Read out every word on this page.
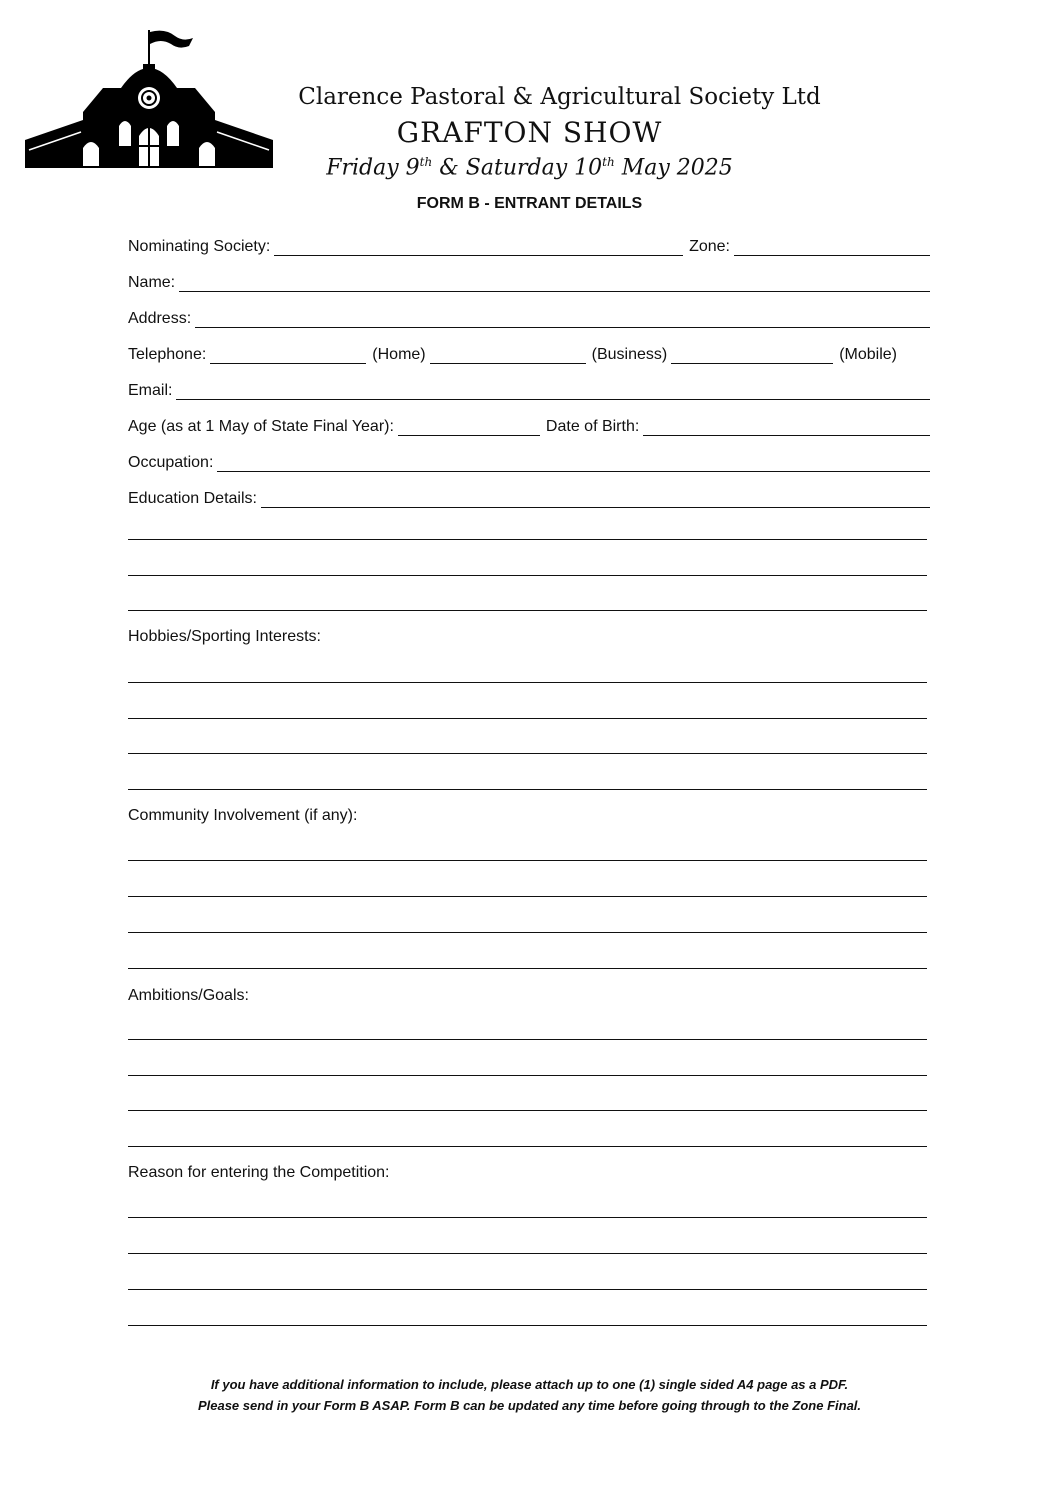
Clarence Pastoral & Agricultural Society Ltd
GRAFTON SHOW
Friday 9th & Saturday 10th May 2025
FORM B - ENTRANT DETAILS
Nominating Society:	Zone:
Name:
Address:
Telephone:	(Home)	(Business)	(Mobile)
Email:
Age (as at 1 May of State Final Year):	Date of Birth:
Occupation:
Education Details:
Hobbies/Sporting Interests:
Community Involvement (if any):
Ambitions/Goals:
Reason for entering the Competition:
If you have additional information to include, please attach up to one (1) single sided A4 page as a PDF.
Please send in your Form B ASAP. Form B can be updated any time before going through to the Zone Final.
